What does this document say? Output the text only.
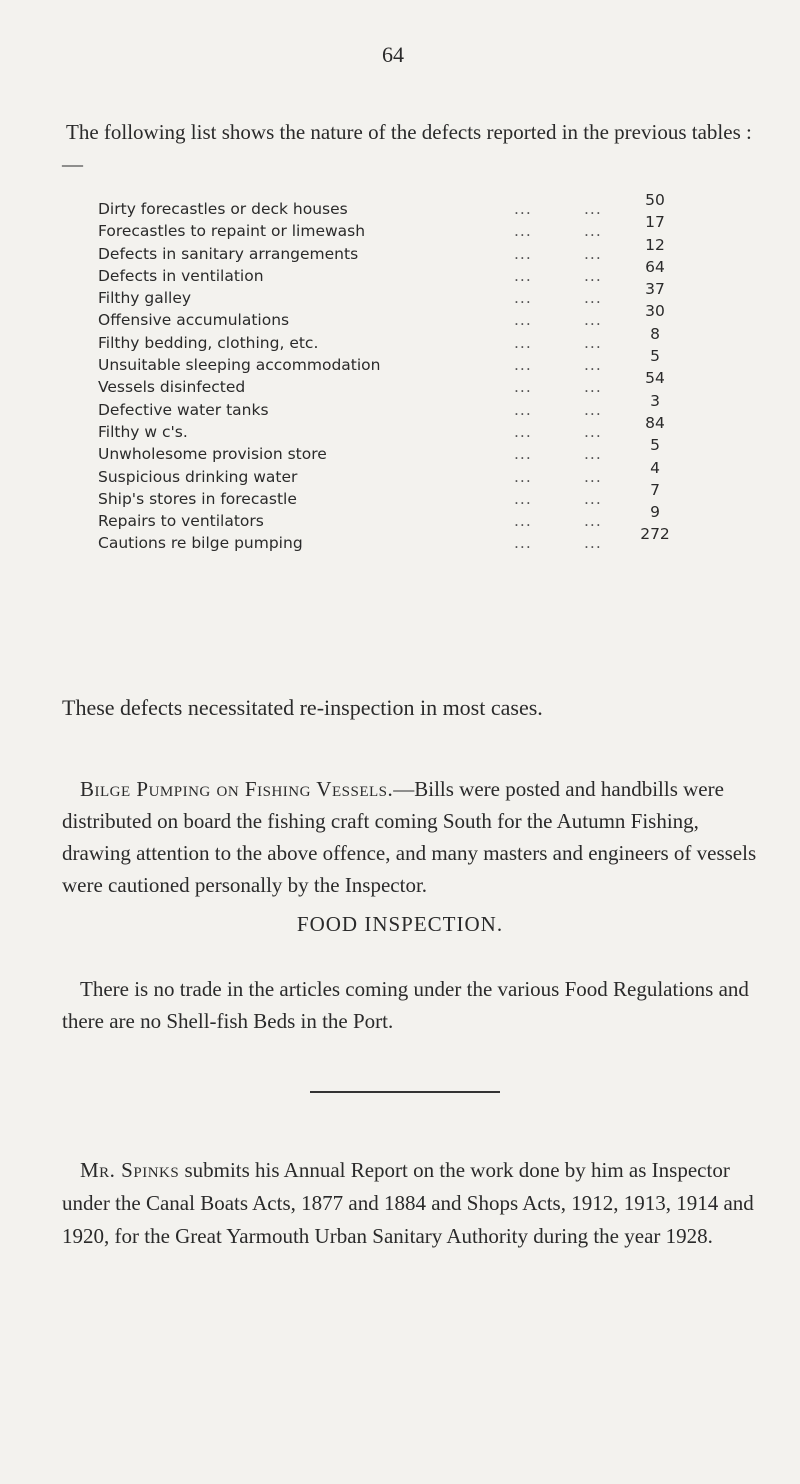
64
The following list shows the nature of the defects reported in the previous tables :—
Dirty forecastles or deck houses	...	...	50
Forecastles to repaint or limewash	...	...	17
Defects in sanitary arrangements	...	...	12
Defects in ventilation	...	...	64
Filthy galley	...	...	37
Offensive accumulations	...	...	30
Filthy bedding, clothing, etc.	...	...	8
Unsuitable sleeping accommodation	...	...	5
Vessels disinfected	...	...	54
Defective water tanks	...	...	3
Filthy w c's.	...	...	84
Unwholesome provision store	...	...	5
Suspicious drinking water	...	...	4
Ship's stores in forecastle	...	...	7
Repairs to ventilators	...	...	9
Cautions re bilge pumping	...	...	272
These defects necessitated re-inspection in most cases.
Bilge Pumping on Fishing Vessels.—Bills were posted and handbills were distributed on board the fishing craft coming South for the Autumn Fishing, drawing attention to the above offence, and many masters and engineers of vessels were cautioned personally by the Inspector.
FOOD INSPECTION.
There is no trade in the articles coming under the various Food Regulations and there are no Shell-fish Beds in the Port.
Mr. Spinks submits his Annual Report on the work done by him as Inspector under the Canal Boats Acts, 1877 and 1884 and Shops Acts, 1912, 1913, 1914 and 1920, for the Great Yarmouth Urban Sanitary Authority during the year 1928.
